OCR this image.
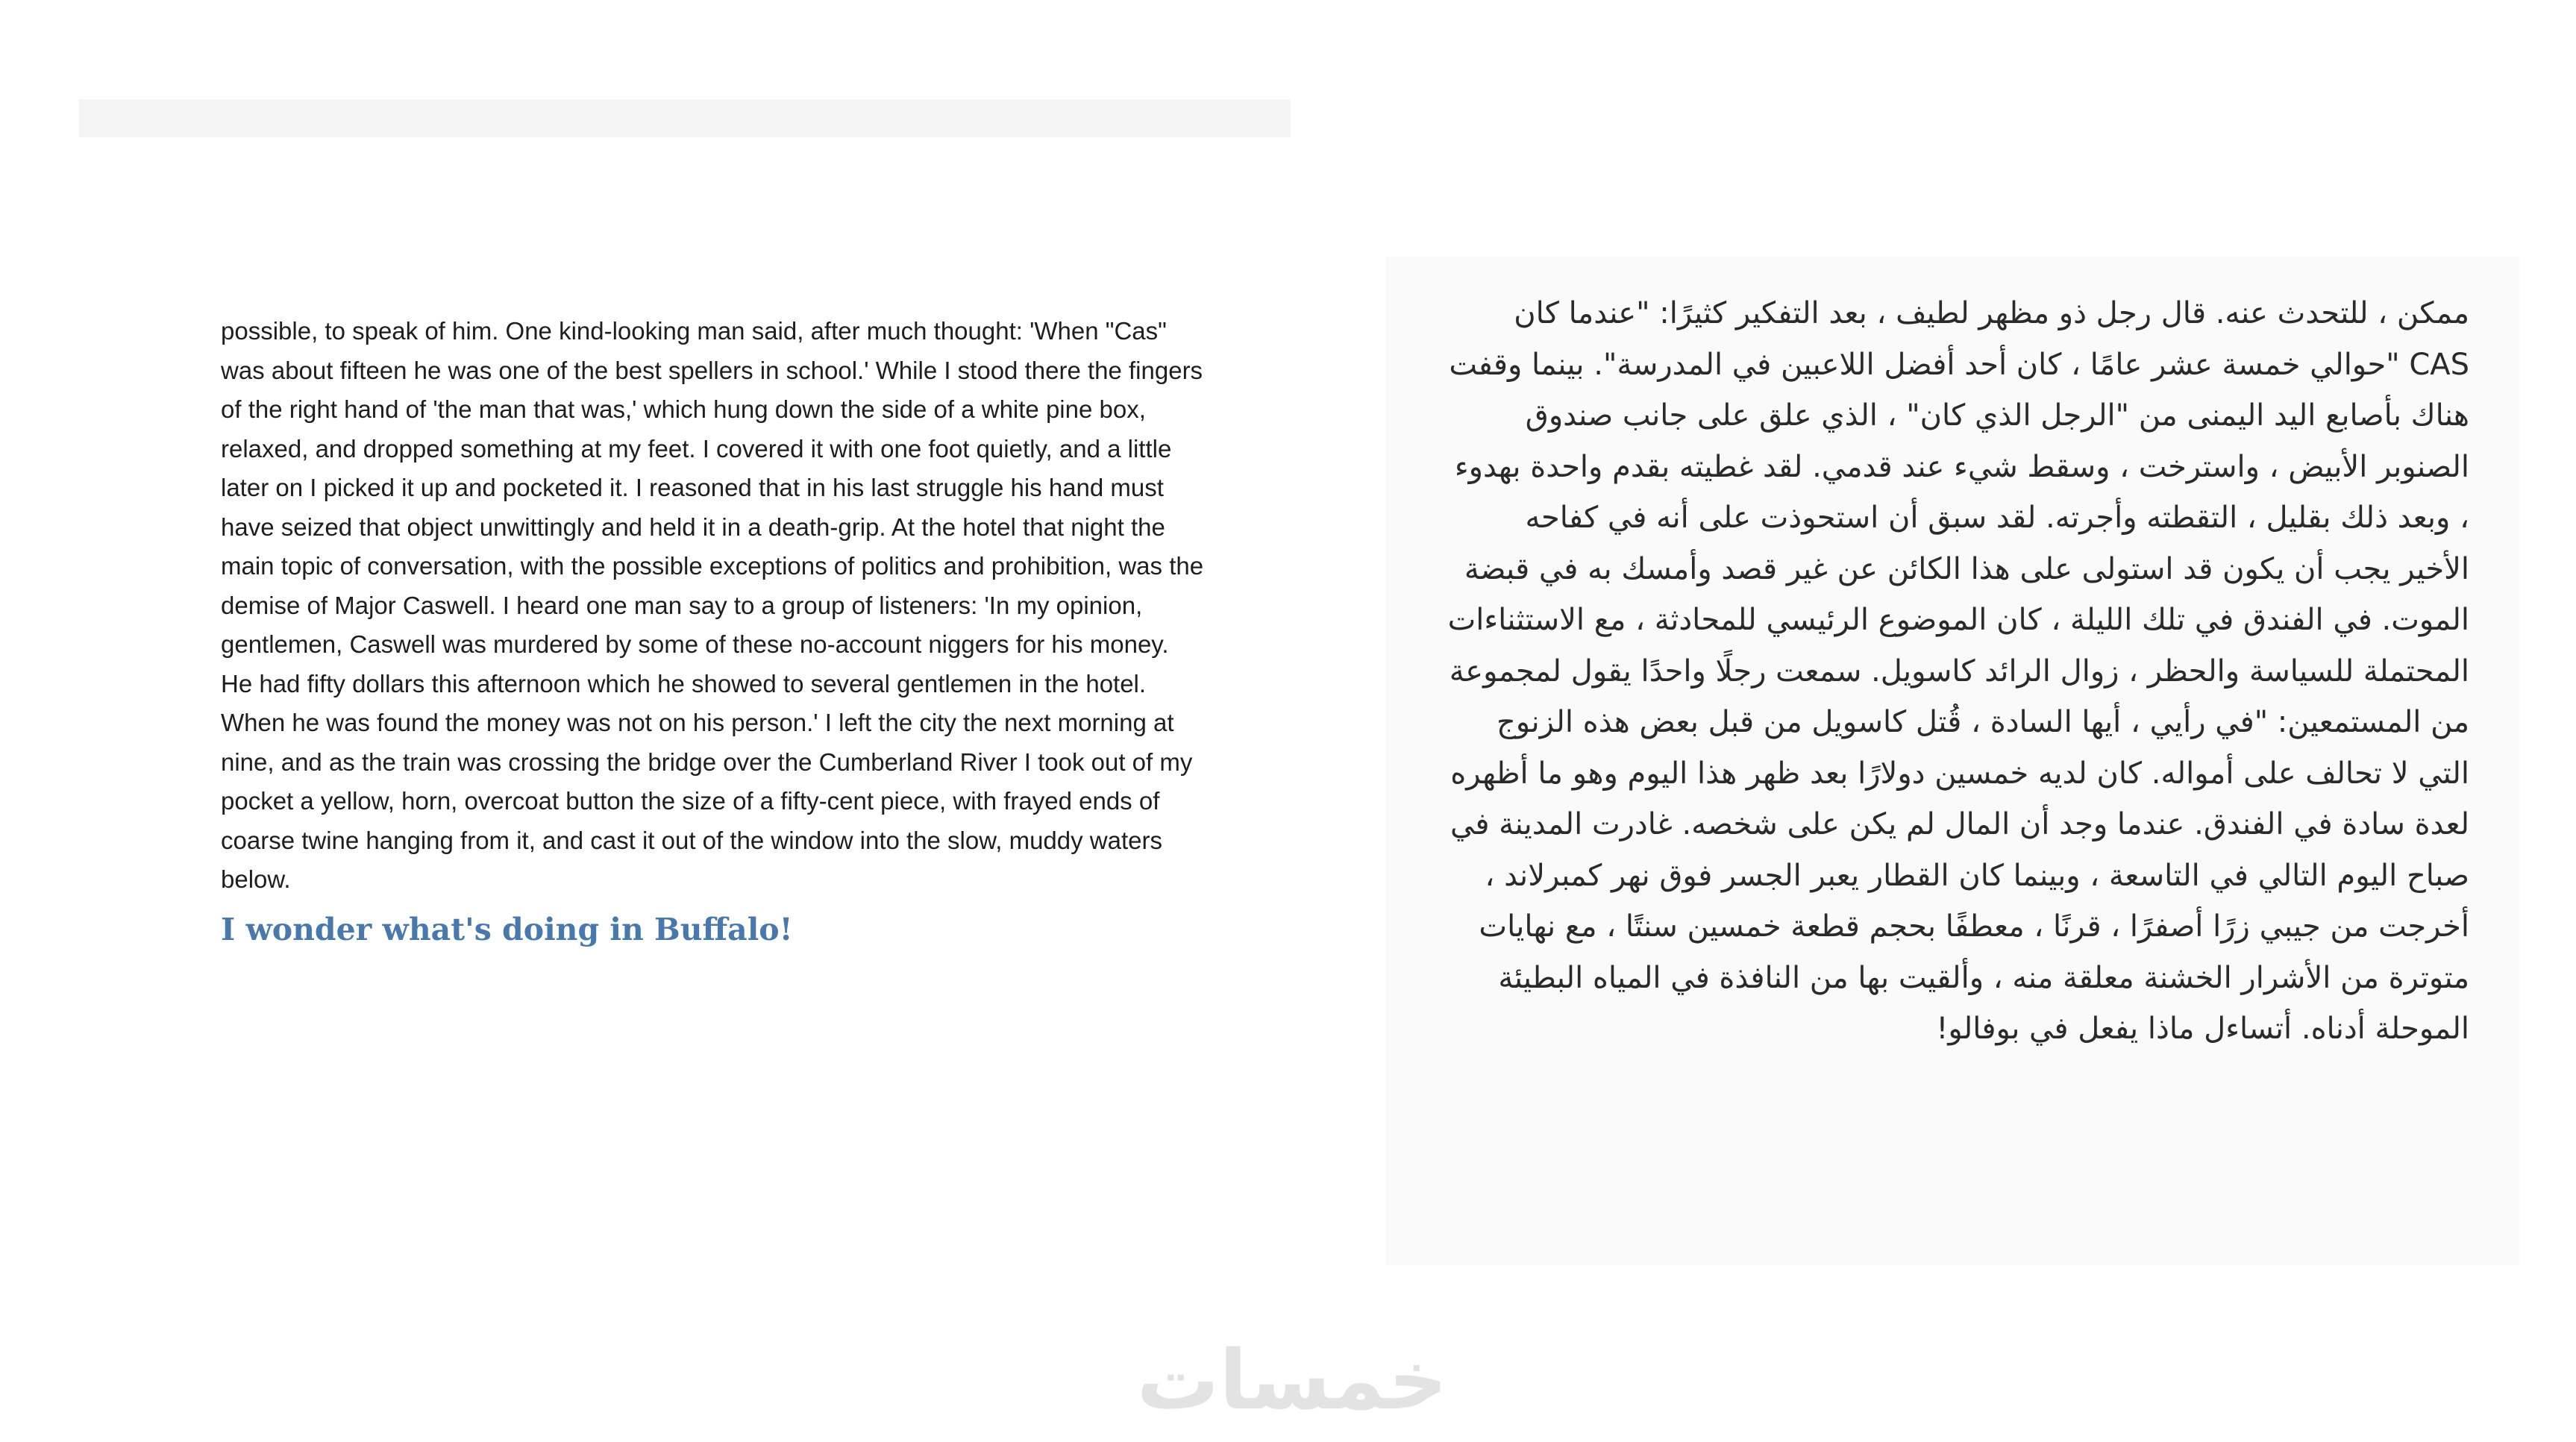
possible, to speak of him. One kind-looking man said, after much thought: 'When "Cas" was about fifteen he was one of the best spellers in school.' While I stood there the fingers of the right hand of 'the man that was,' which hung down the side of a white pine box, relaxed, and dropped something at my feet. I covered it with one foot quietly, and a little later on I picked it up and pocketed it. I reasoned that in his last struggle his hand must have seized that object unwittingly and held it in a death-grip. At the hotel that night the main topic of conversation, with the possible exceptions of politics and prohibition, was the demise of Major Caswell. I heard one man say to a group of listeners: 'In my opinion, gentlemen, Caswell was murdered by some of these no-account niggers for his money. He had fifty dollars this afternoon which he showed to several gentlemen in the hotel. When he was found the money was not on his person.' I left the city the next morning at nine, and as the train was crossing the bridge over the Cumberland River I took out of my pocket a yellow, horn, overcoat button the size of a fifty-cent piece, with frayed ends of coarse twine hanging from it, and cast it out of the window into the slow, muddy waters below.

I wonder what's doing in Buffalo!

ممكن ، للتحدث عنه. قال رجل ذو مظهر لطيف ، بعد التفكير كثيرًا: "عندما كان CAS "حوالي خمسة عشر عامًا ، كان أحد أفضل اللاعبين في المدرسة". بينما وقفت هناك بأصابع اليد اليمنى من "الرجل الذي كان" ، الذي علق على جانب صندوق الصنوبر الأبيض ، واسترخت ، وسقط شيء عند قدمي. لقد غطيته بقدم واحدة بهدوء ، وبعد ذلك بقليل ، التقطته وأجرته. لقد سبق أن استحوذت على أنه في كفاحه الأخير يجب أن يكون قد استولى على هذا الكائن عن غير قصد وأمسك به في قبضة الموت. في الفندق في تلك الليلة ، كان الموضوع الرئيسي للمحادثة ، مع الاستثناءات المحتملة للسياسة والحظر ، زوال الرائد كاسويل. سمعت رجلًا واحدًا يقول لمجموعة من المستمعين: "في رأيي ، أيها السادة ، قُتل كاسويل من قبل بعض هذه الزنوج التي لا تحالف على أمواله. كان لديه خمسين دولارًا بعد ظهر هذا اليوم وهو ما أظهره لعدة سادة في الفندق. عندما وجد أن المال لم يكن على شخصه. غادرت المدينة في صباح اليوم التالي في التاسعة ، وبينما كان القطار يعبر الجسر فوق نهر كمبرلاند ، أخرجت من جيبي زرًا أصفرًا ، قرنًا ، معطفًا بحجم قطعة خمسين سنتًا ، مع نهايات متوترة من الأشرار الخشنة معلقة منه ، وألقيت بها من النافذة في المياه البطيئة الموحلة أدناه. أتساءل ماذا يفعل في بوفالو!

خمسات
